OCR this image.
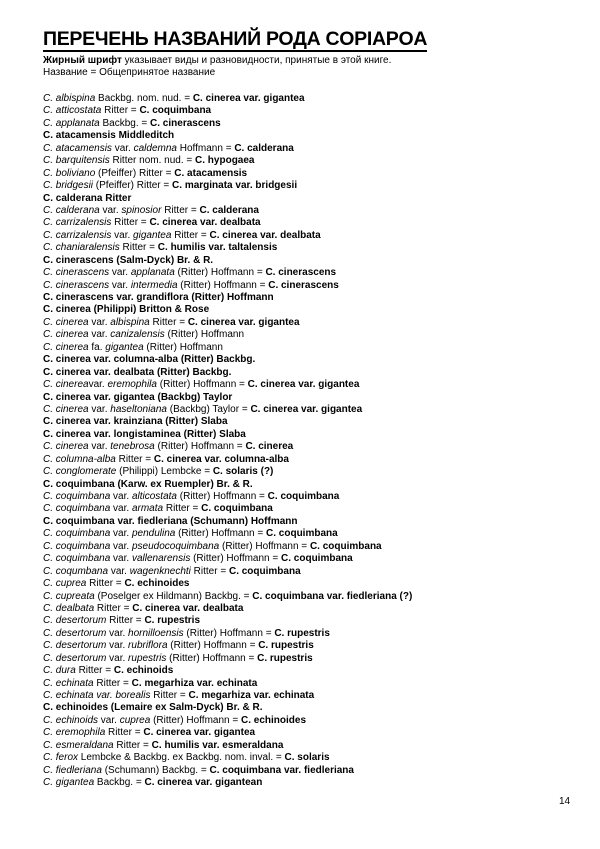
ПЕРЕЧЕНЬ НАЗВАНИЙ РОДА COPIAPOA
Жирный шрифт указывает виды и разновидности, принятые в этой книге.
Название = Общепринятое название
C. albispina Backbg. nom. nud. = C. cinerea var. gigantea
C. atticostata Ritter = C. coquimbana
C. applanata Backbg. = C. cinerascens
C. atacamensis Middleditch
C. atacamensis var. caldemna Hoffmann = C. calderana
C. barquitensis Ritter nom. nud. = C. hypogaea
C. boliviano (Pfeiffer) Ritter = C. atacamensis
C. bridgesii (Pfeiffer) Ritter = C. marginata var. bridgesii
C. calderana Ritter
C. calderana var. spinosior Ritter = C. calderana
C. carrizalensis Ritter = C. cinerea var. dealbata
C. carrizalensis var. gigantea Ritter = C. cinerea var. dealbata
C. chaniaralensis Ritter = C. humilis var. taltalensis
C. cinerascens (Salm-Dyck) Br. & R.
C. cinerascens var. applanata (Ritter) Hoffmann = C. cinerascens
C. cinerascens var. intermedia (Ritter) Hoffmann = C. cinerascens
C. cinerascens var. grandiflora (Ritter) Hoffmann
C. cinerea (Philippi) Britton & Rose
C. cinerea var. albispina Ritter = C. cinerea var. gigantea
C. cinerea var. canizalensis (Ritter) Hoffmann
C. cinerea fa. gigantea (Ritter) Hoffmann
C. cinerea var. columna-alba (Ritter) Backbg.
C. cinerea var. dealbata (Ritter) Backbg.
C. cinereavar. eremophila (Ritter) Hoffmann = C. cinerea var. gigantea
C. cinerea var. gigantea (Backbg) Taylor
C. cinerea var. haseltoniana (Backbg) Taylor = C. cinerea var. gigantea
C. cinerea var. krainziana (Ritter) Slaba
C. cinerea var. longistaminea (Ritter) Slaba
C. cinerea var. tenebrosa (Ritter) Hoffmann = C. cinerea
C. columna-alba Ritter = C. cinerea var. columna-alba
C. conglomerate (Philippi) Lembcke = C. solaris (?)
C. coquimbana (Karw. ex Ruempler) Br. & R.
C. coquimbana var. alticostata (Ritter) Hoffmann = C. coquimbana
C. coquimbana var. armata Ritter = C. coquimbana
C. coquimbana var. fiedleriana (Schumann) Hoffmann
C. coquimbana var. pendulina (Ritter) Hoffmann = C. coquimbana
C. coquimbana var. pseudocoquimbana (Ritter) Hoffmann = C. coquimbana
C. coquimbana var. vallenarensis (Ritter) Hoffmann = C. coquimbana
C. coqumbana var. wagenknechti Ritter = C. coquimbana
C. cuprea Ritter = C. echinoides
C. cupreata (Poselger ex Hildmann) Backbg. = C. coquimbana var. fiedleriana (?)
C. dealbata Ritter = C. cinerea var. dealbata
C. desertorum Ritter = C. rupestris
C. desertorum var. hornilloensis (Ritter) Hoffmann = C. rupestris
C. desertorum var. rubriflora (Ritter) Hoffmann = C. rupestris
C. desertorum var. rupestris (Ritter) Hoffmann = C. rupestris
C. dura Ritter = C. echinoids
C. echinata Ritter = C. megarhiza var. echinata
C. echinata var. borealis Ritter = C. megarhiza var. echinata
C. echinoides (Lemaire ex Salm-Dyck) Br. & R.
C. echinoids var. cuprea (Ritter) Hoffmann = C. echinoides
C. eremophila Ritter = C. cinerea var. gigantea
C. esmeraldana Ritter = C. humilis var. esmeraldana
C. ferox Lembcke & Backbg. ex Backbg. nom. inval. = C. solaris
C. fiedleriana (Schumann) Backbg. = C. coquimbana var. fiedleriana
C. gigantea Backbg. = C. cinerea var. gigantean
14
